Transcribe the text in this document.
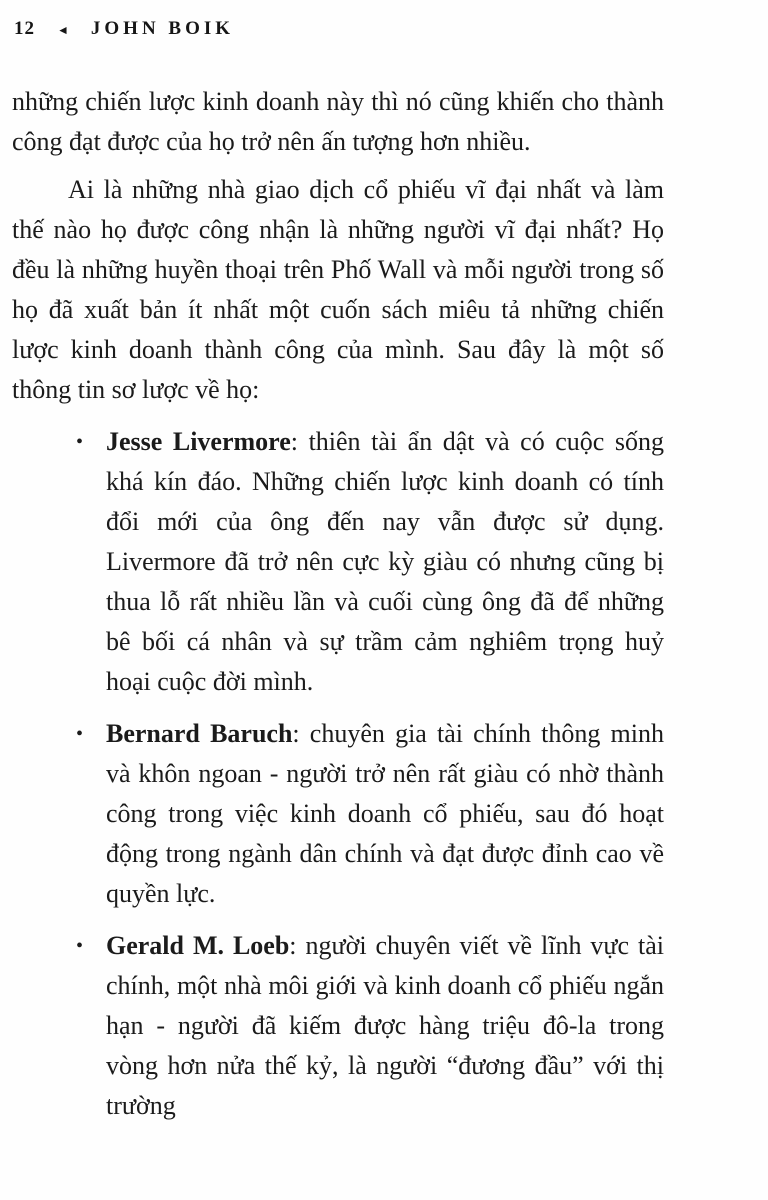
12 ◄ JOHN BOIK

những chiến lược kinh doanh này thì nó cũng khiến cho thành công đạt được của họ trở nên ấn tượng hơn nhiều.

Ai là những nhà giao dịch cổ phiếu vĩ đại nhất và làm thế nào họ được công nhận là những người vĩ đại nhất? Họ đều là những huyền thoại trên Phố Wall và mỗi người trong số họ đã xuất bản ít nhất một cuốn sách miêu tả những chiến lược kinh doanh thành công của mình. Sau đây là một số thông tin sơ lược về họ:

• Jesse Livermore: thiên tài ẩn dật và có cuộc sống khá kín đáo. Những chiến lược kinh doanh có tính đổi mới của ông đến nay vẫn được sử dụng. Livermore đã trở nên cực kỳ giàu có nhưng cũng bị thua lỗ rất nhiều lần và cuối cùng ông đã để những bê bối cá nhân và sự trầm cảm nghiêm trọng huỷ hoại cuộc đời mình.
• Bernard Baruch: chuyên gia tài chính thông minh và khôn ngoan - người trở nên rất giàu có nhờ thành công trong việc kinh doanh cổ phiếu, sau đó hoạt động trong ngành dân chính và đạt được đỉnh cao về quyền lực.
• Gerald M. Loeb: người chuyên viết về lĩnh vực tài chính, một nhà môi giới và kinh doanh cổ phiếu ngắn hạn - người đã kiếm được hàng triệu đô-la trong vòng hơn nửa thế kỷ, là người “đương đầu” với thị trường
